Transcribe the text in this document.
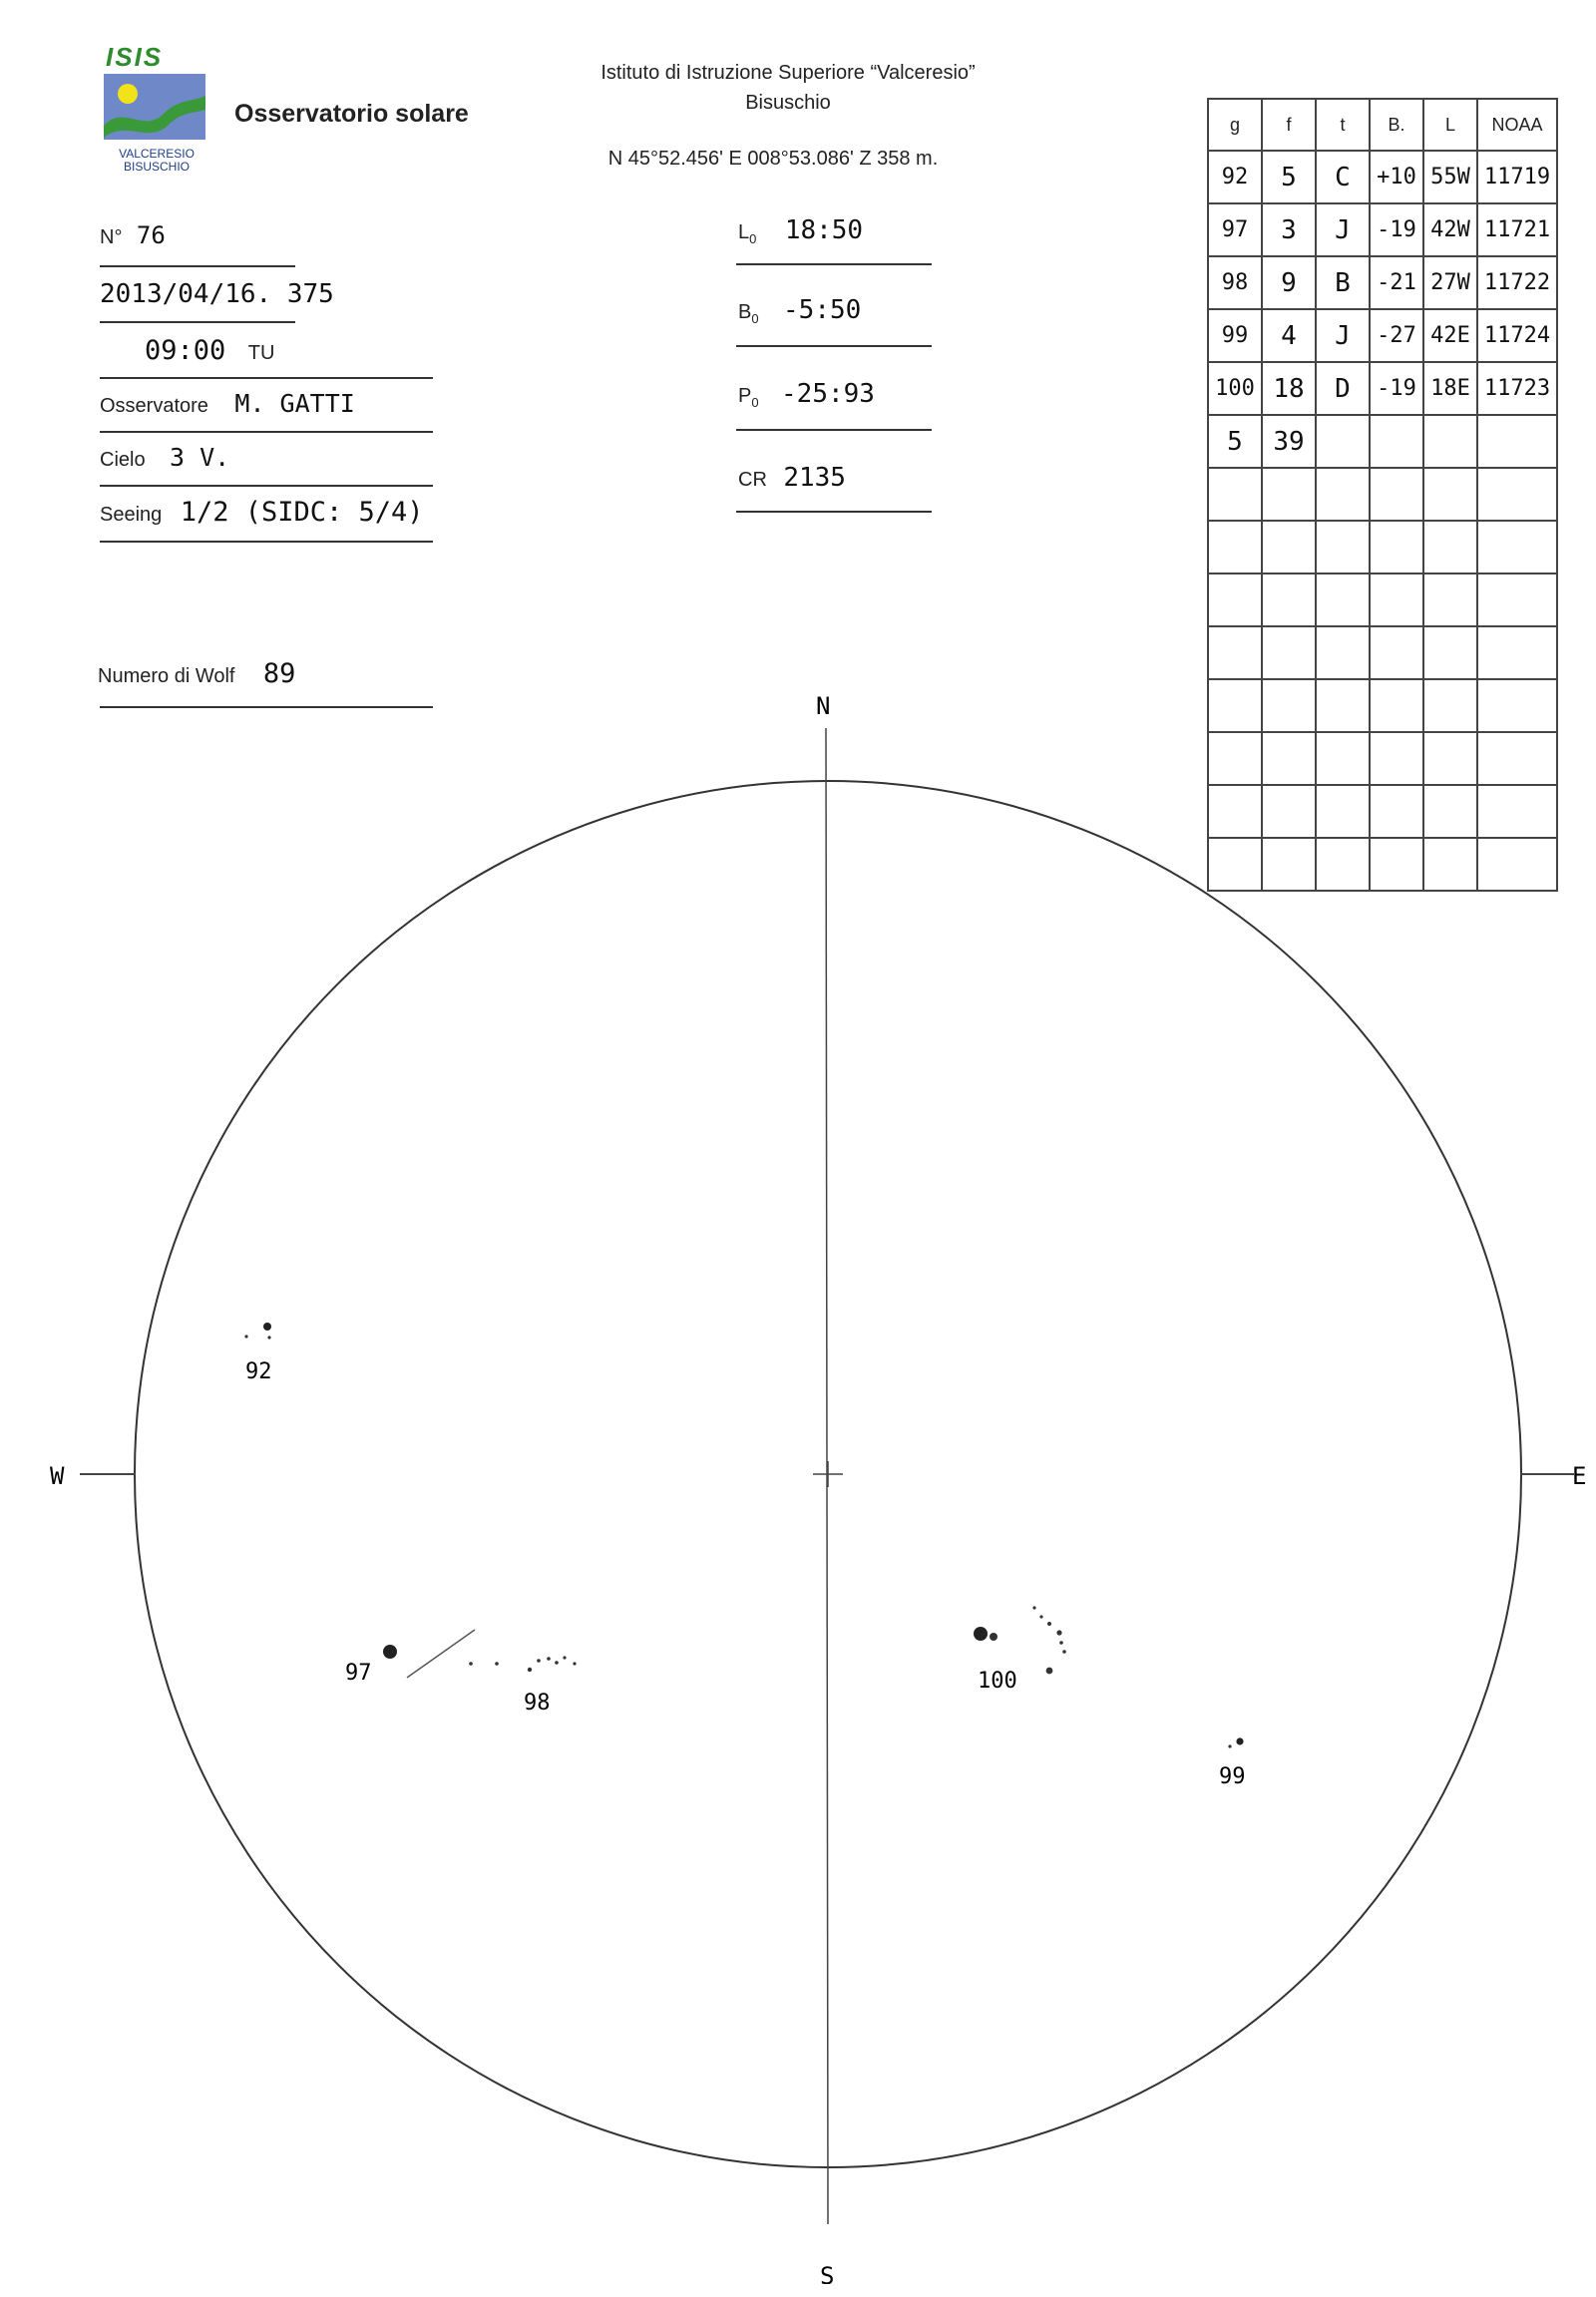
ISIS
VALCERESIO
BISUSCHIO
Osservatorio solare
Istituto di Istruzione Superiore “Valceresio”
Bisuschio
N 45°52.456' E 008°53.086' Z 358 m.
N° 76
2013/04/16. 375
09:00 TU
Osservatore M. GATTI
Cielo 3 V.
Seeing 1/2 (SIDC: 5/4)
Numero di Wolf 89
$L_0$ 18:50
$B_0$ -5:50
$P_0$ -25:93
CR 2135
g	f	t	B.	L	NOAA
92	5	C	+10	55W	11719
97	3	J	-19	42W	11721
98	9	B	-21	27W	11722
99	4	J	-27	42E	11724
100	18	D	-19	18E	11723
5	39				

N
S
W	E
92
97
98
100
99
